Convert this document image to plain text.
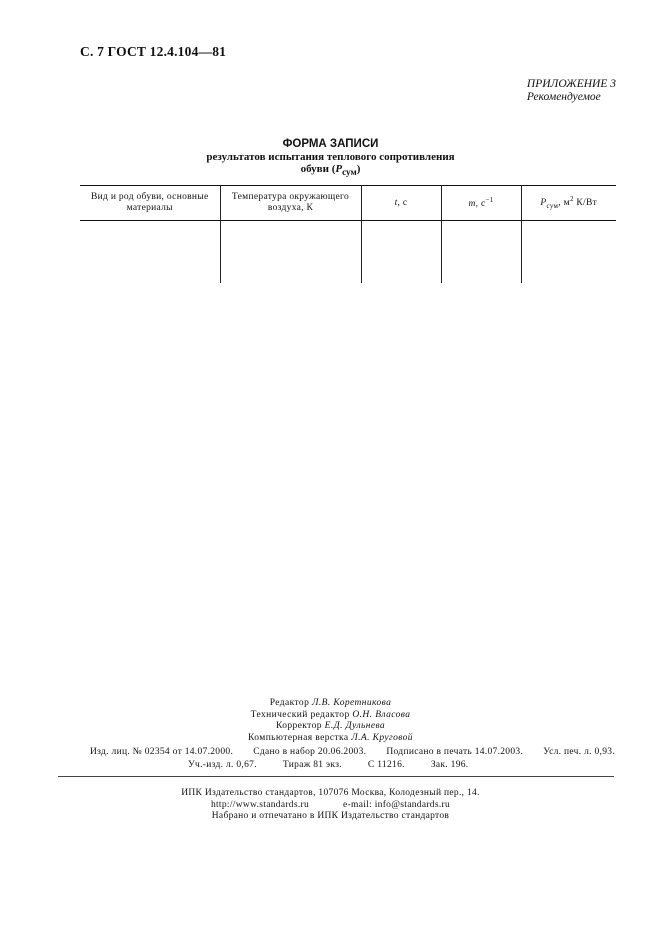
С. 7 ГОСТ 12.4.104—81
ПРИЛОЖЕНИЕ 3
Рекомендуемое
ФОРМА ЗАПИСИ
результатов испытания теплового сопротивления
обуви $(P_{сум})$
Вид и род обуви, основные материалы	Температура окружающего воздуха, К	t, с	m, $с^{-1}$	$P_{сум}$, $м^2$ К/Вт

Редактор Л.В. Коретникова
Технический редактор О.Н. Власова
Корректор Е.Д. Дульнева
Компьютерная верстка Л.А. Круговой
Изд. лиц. № 02354 от 14.07.2000. Сдано в набор 20.06.2003. Подписано в печать 14.07.2003. Усл. печ. л. 0,93.
Уч.-изд. л. 0,67.	Тираж 81 экз.	С 11216.	Зак. 196.
ИПК Издательство стандартов, 107076 Москва, Колодезный пер., 14.
http://www.standards.ru	e-mail: info@standards.ru
Набрано и отпечатано в ИПК Издательство стандартов
